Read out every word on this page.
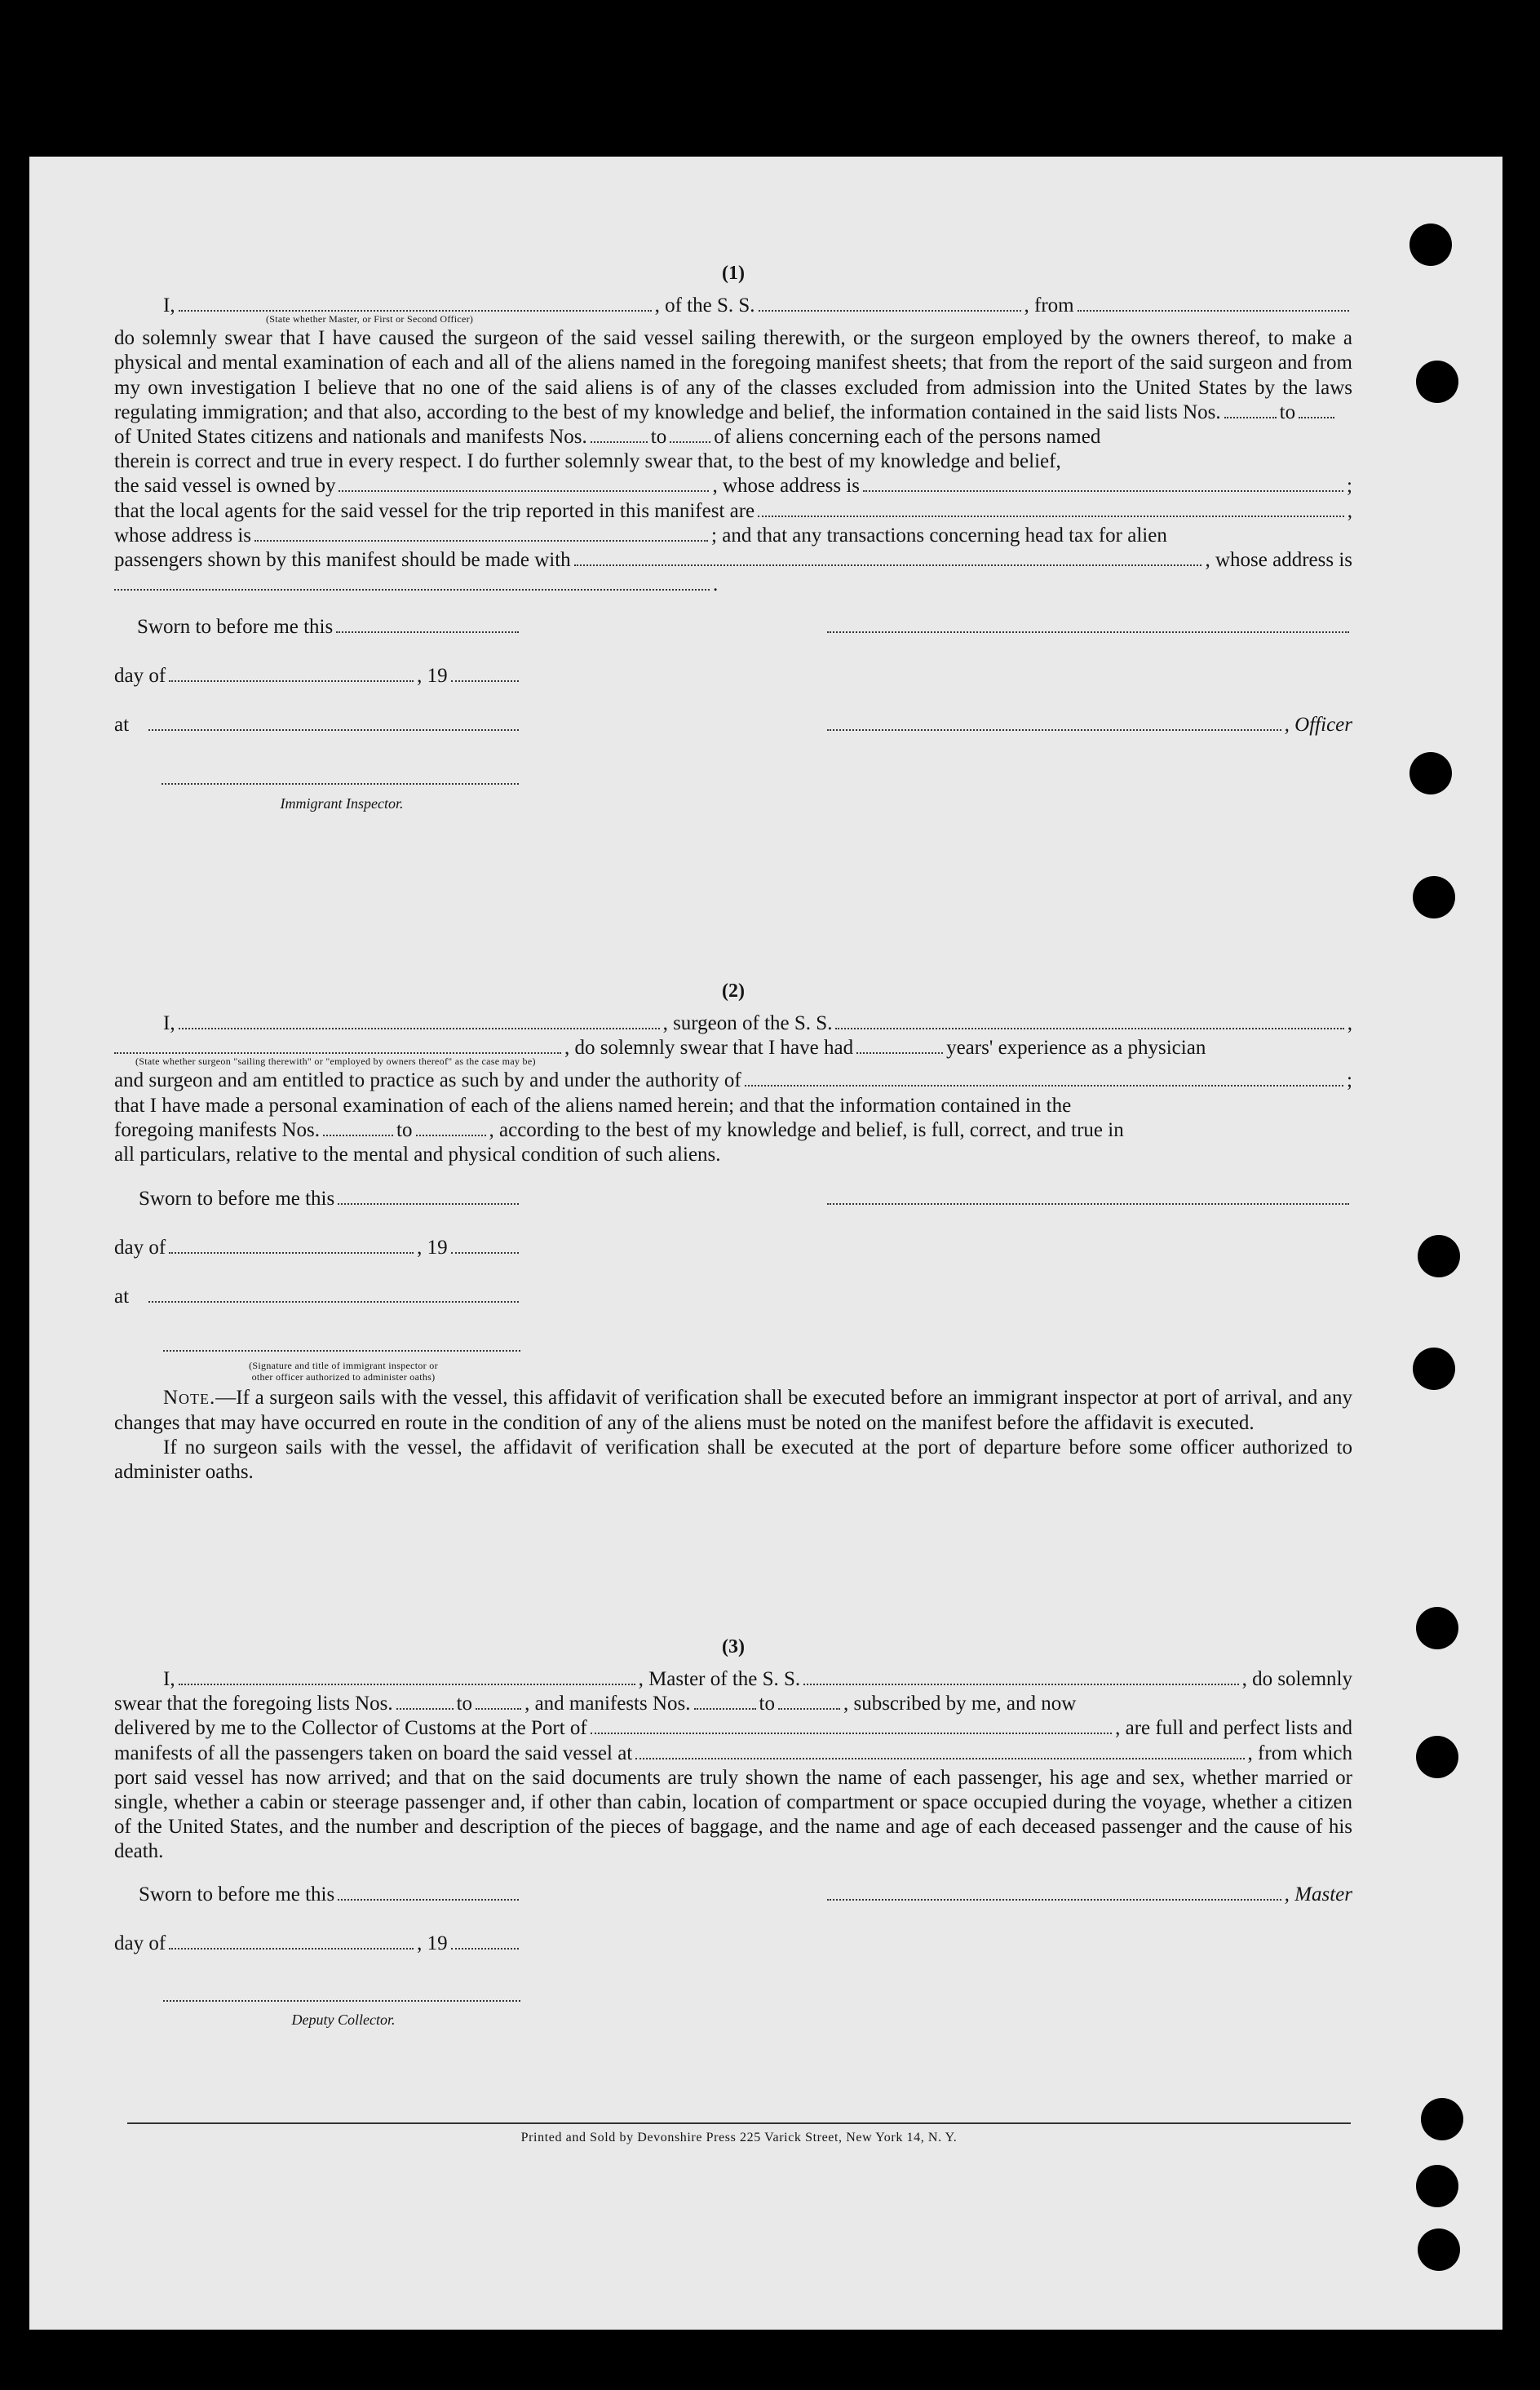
(1)
I,	, of the S. S.	, from
(State whether Master, or First or Second Officer)

do solemnly swear that I have caused the surgeon of the said vessel sailing therewith, or the surgeon employed by the owners thereof, to make a physical and mental examination of each and all of the aliens named in the foregoing manifest sheets; that from the report of the said surgeon and from my own investigation I believe that no one of the said aliens is of any of the classes excluded from admission into the United States by the laws regulating immigration; and that also, according to the best of my knowledge and belief, the information contained in the said lists Nos.	to

of United States citizens and nationals and manifests Nos.	to of aliens concerning each of the persons named
therein is correct and true in every respect. I do further solemnly swear that, to the best of my knowledge and belief,
the said vessel is owned by	, whose address is	;
that the local agents for the said vessel for the trip reported in this manifest are	,
whose address is	; and that any transactions concerning head tax for alien
passengers shown by this manifest should be made with	, whose address is
.
Sworn to before me this
day of	, 19
at	, Officer
Immigrant Inspector.
(2)
I,	, surgeon of the S. S.	,
, do solemnly swear that I have had	years' experience as a physician
(State whether surgeon "sailing therewith" or "employed by owners thereof" as the case may be)
and surgeon and am entitled to practice as such by and under the authority of	;
that I have made a personal examination of each of the aliens named herein; and that the information contained in the
foregoing manifests Nos.	to	, according to the best of my knowledge and belief, is full, correct, and true in
all particulars, relative to the mental and physical condition of such aliens.
Sworn to before me this
day of	, 19
at
(Signature and title of immigrant inspector or
other officer authorized to administer oaths)

Note.—If a surgeon sails with the vessel, this affidavit of verification shall be executed before an immigrant inspector at port of arrival, and any changes that may have occurred en route in the condition of any of the aliens must be noted on the manifest before the affidavit is executed.

If no surgeon sails with the vessel, the affidavit of verification shall be executed at the port of departure before some officer authorized to administer oaths.

(3)
I,	, Master of the S. S.	, do solemnly
swear that the foregoing lists Nos.	to	, and manifests Nos.	to	, subscribed by me, and now
delivered by me to the Collector of Customs at the Port of	, are full and perfect lists and
manifests of all the passengers taken on board the said vessel at	, from which

port said vessel has now arrived; and that on the said documents are truly shown the name of each passenger, his age and sex, whether married or single, whether a cabin or steerage passenger and, if other than cabin, location of compartment or space occupied during the voyage, whether a citizen of the United States, and the number and description of the pieces of baggage, and the name and age of each deceased passenger and the cause of his death.

Sworn to before me this	, Master
day of	, 19
Deputy Collector.
Printed and Sold by Devonshire Press 225 Varick Street, New York 14, N. Y.
